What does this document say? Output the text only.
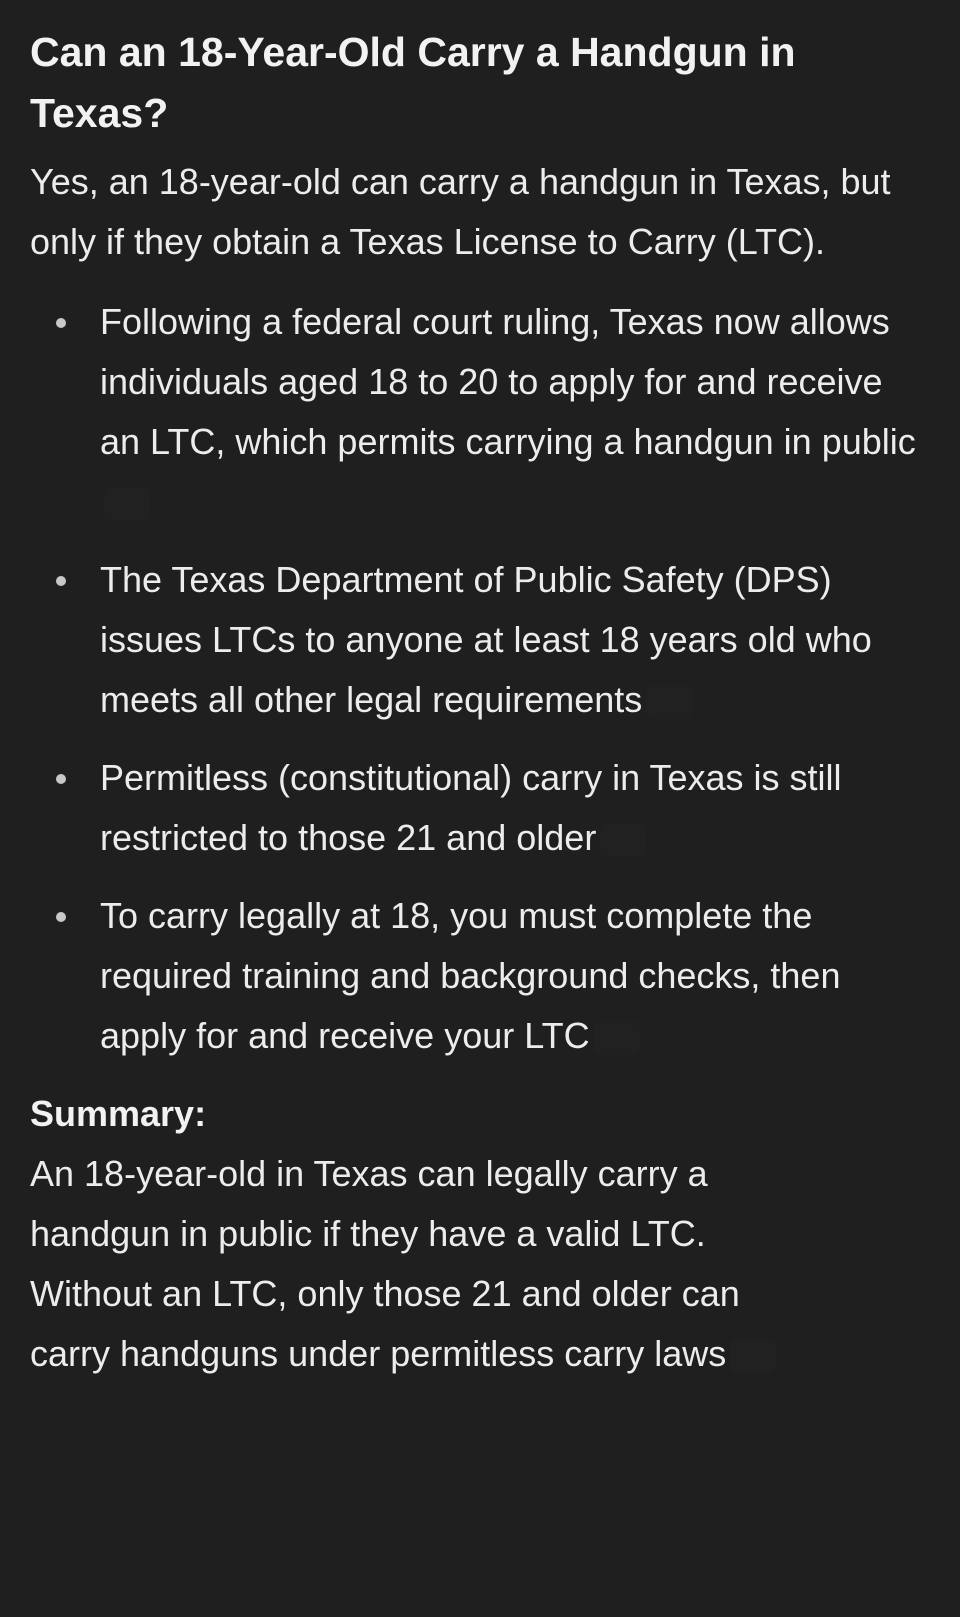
Can an 18-Year-Old Carry a Handgun in Texas?

Yes, an 18-year-old can carry a handgun in Texas, but only if they obtain a Texas License to Carry (LTC).

Following a federal court ruling, Texas now allows individuals aged 18 to 20 to apply for and receive an LTC, which permits carrying a handgun in public
The Texas Department of Public Safety (DPS) issues LTCs to anyone at least 18 years old who meets all other legal requirements
Permitless (constitutional) carry in Texas is still restricted to those 21 and older
To carry legally at 18, you must complete the required training and background checks, then apply for and receive your LTC

Summary:

An 18-year-old in Texas can legally carry a handgun in public if they have a valid LTC. Without an LTC, only those 21 and older can carry handguns under permitless carry laws
